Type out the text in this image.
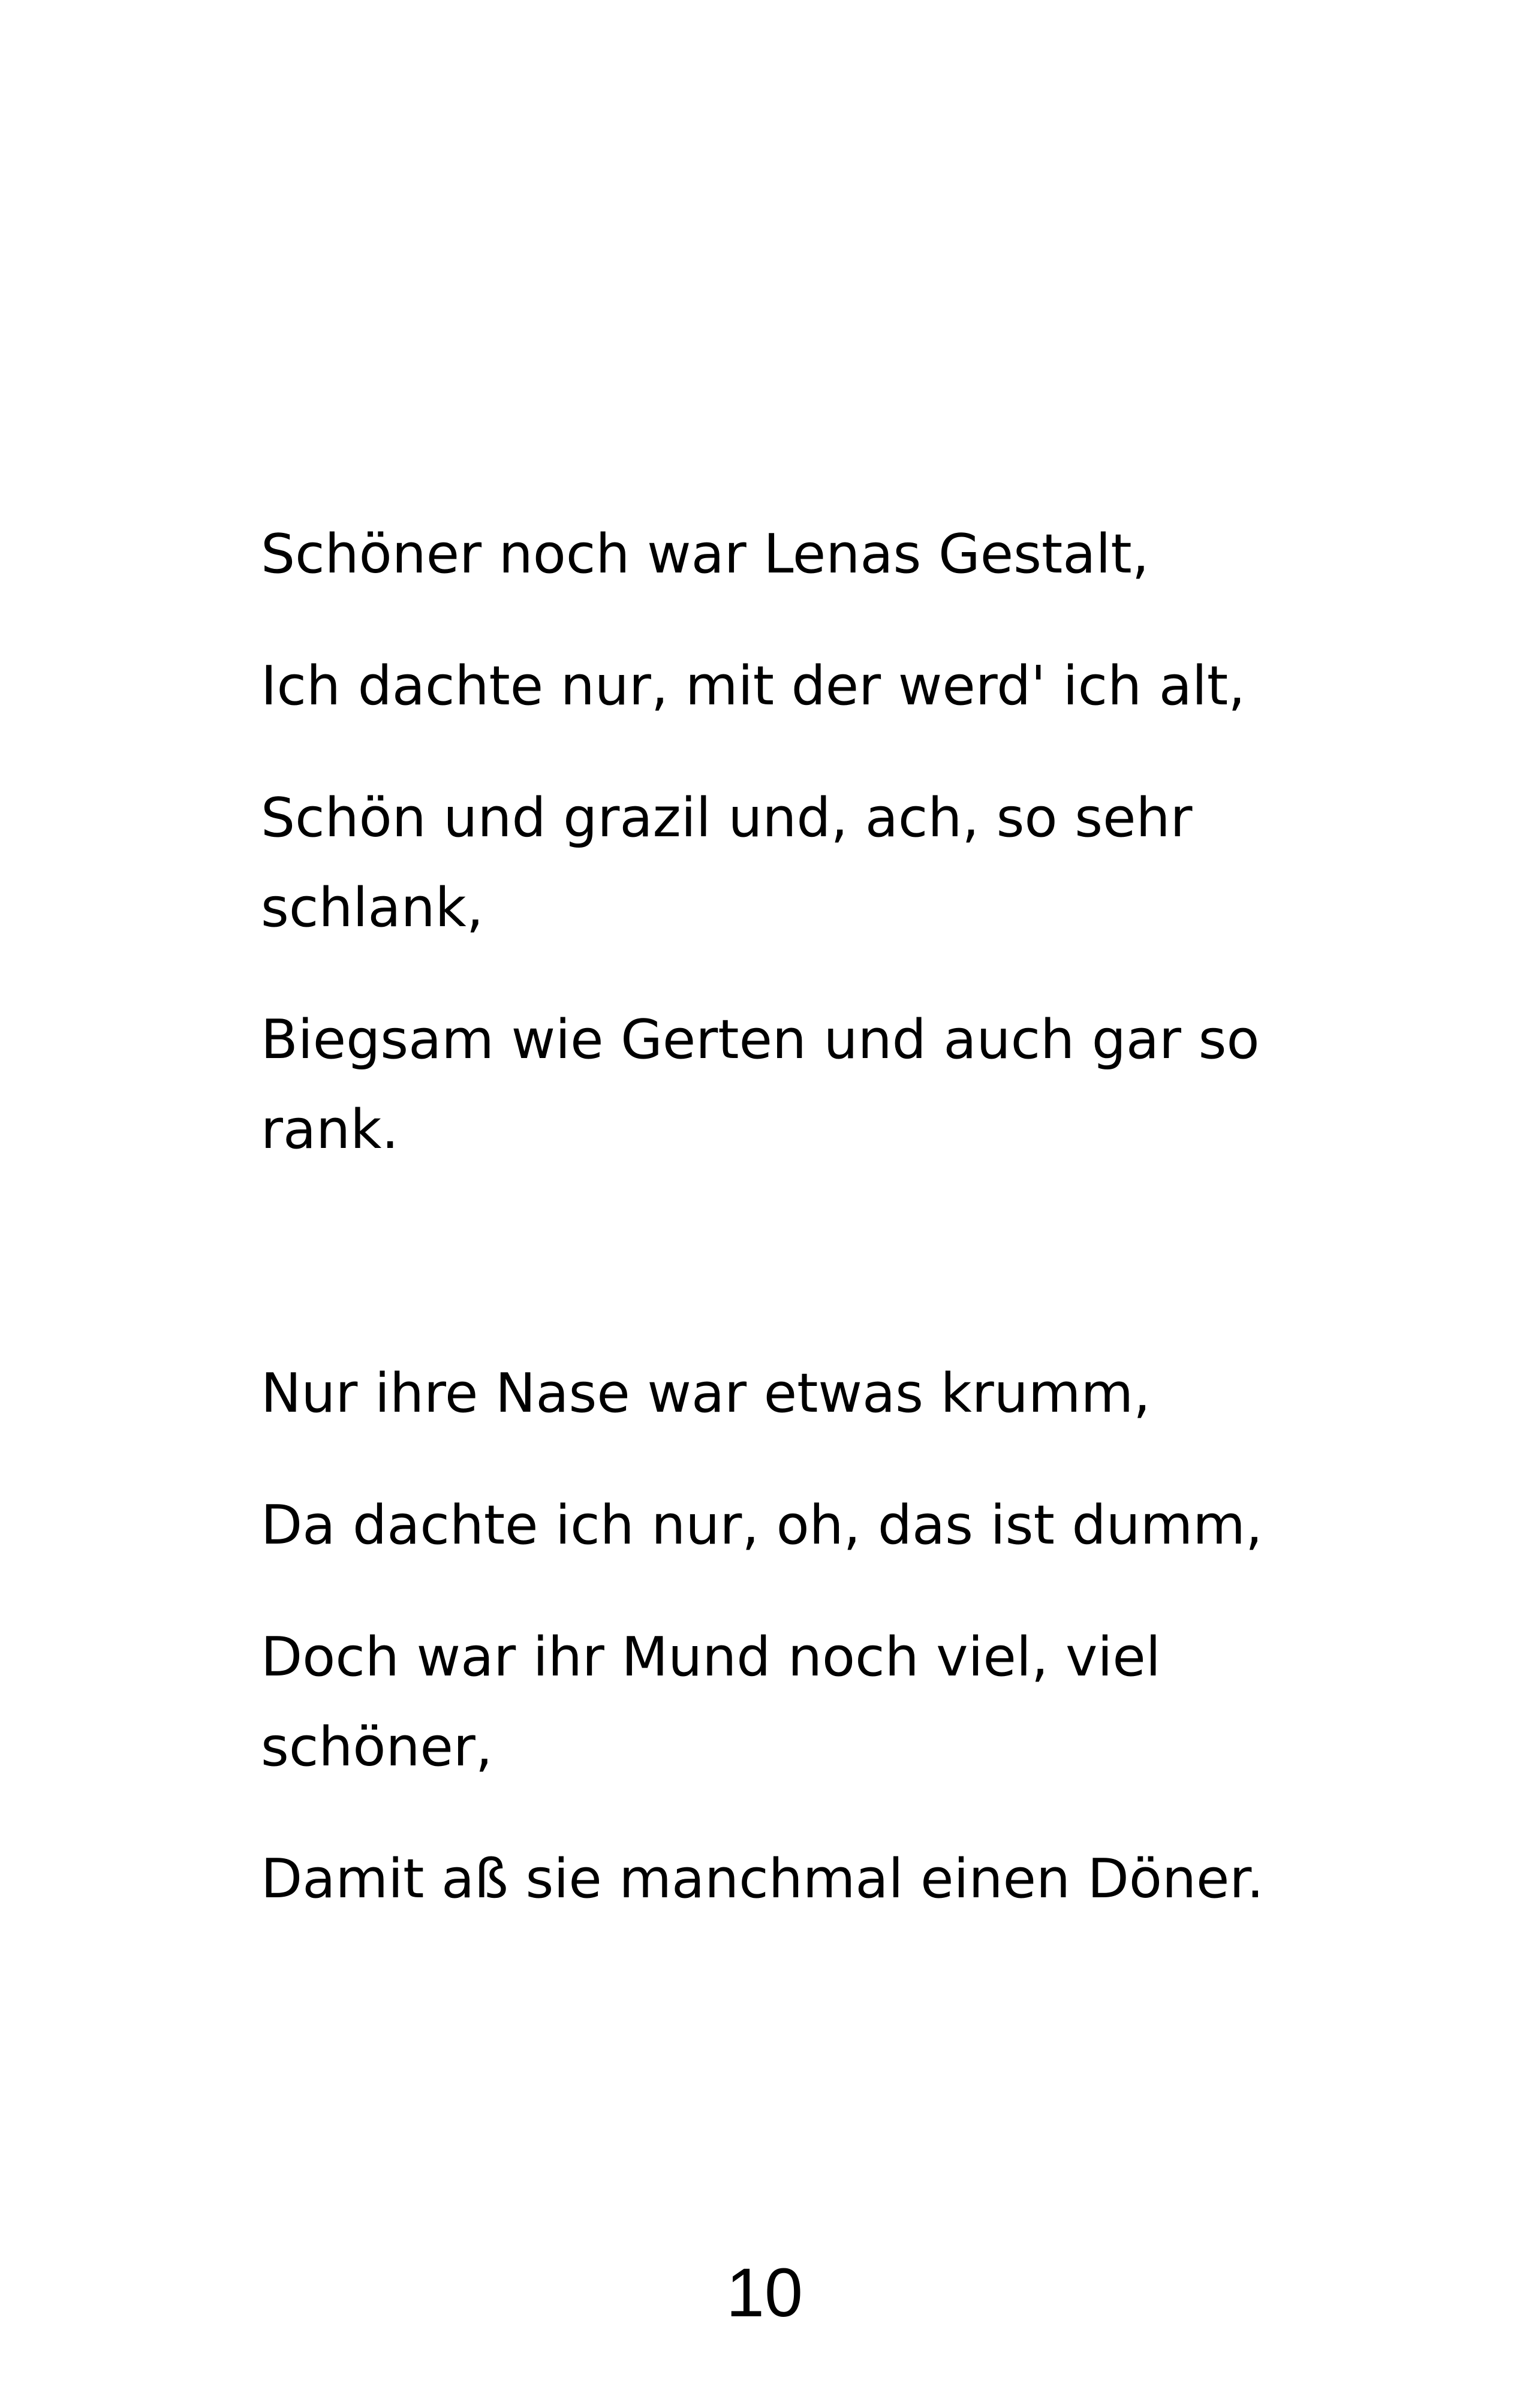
Schöner noch war Lenas Gestalt,

Ich dachte nur, mit der werd' ich alt,

Schön und grazil und, ach, so sehr

schlank,

Biegsam wie Gerten und auch gar so

rank.

Nur ihre Nase war etwas krumm,

Da dachte ich nur, oh, das ist dumm,

Doch war ihr Mund noch viel, viel

schöner,

Damit aß sie manchmal einen Döner.

10
